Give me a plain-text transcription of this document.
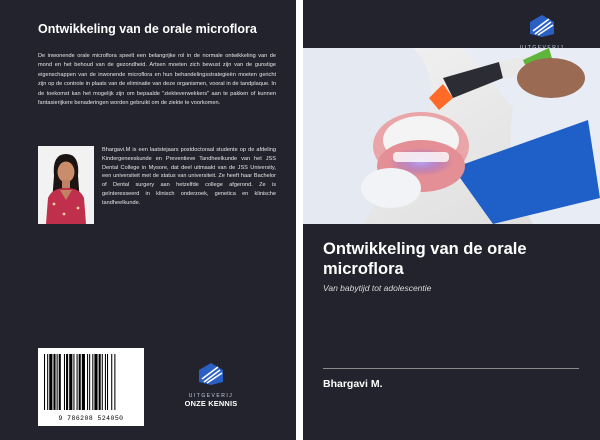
Ontwikkeling van de orale microflora
De inwonende orale microflora speelt een belangrijke rol in de normale ontwikkeling van de mond en het behoud van de gezondheid. Artsen moeten zich bewust zijn van de gunstige eigenschappen van de inwonende microflora en hun behandelingsstrategieën moeten gericht zijn op de controle in plaats van de eliminatie van deze organismen, vooral in de tandplaque. In de toekomst kan het mogelijk zijn om bepaalde "ziekteverwekkers" aan te pakken of kunnen fantasierijkere benaderingen worden gebruikt om de ziekte te voorkomen.
Bhargavi.M is een laatstejaars postdoctoraal studente op de afdeling Kindergeneeskunde en Preventieve Tandheelkunde van het JSS Dental College in Mysore, dat deel uitmaakt van de JSS University, een universiteit met de status van universiteit. Ze heeft haar Bachelor of Dental surgery aan hetzelfde college afgerond. Ze is geïnteresseerd in klinisch onderzoek, genetica en klinische tandheelkunde.
9 786208 524050
UITGEVERIJ
ONZE KENNIS
Ontwikkeling van de orale microflora
Van babytijd tot adolescentie
Bhargavi M.
